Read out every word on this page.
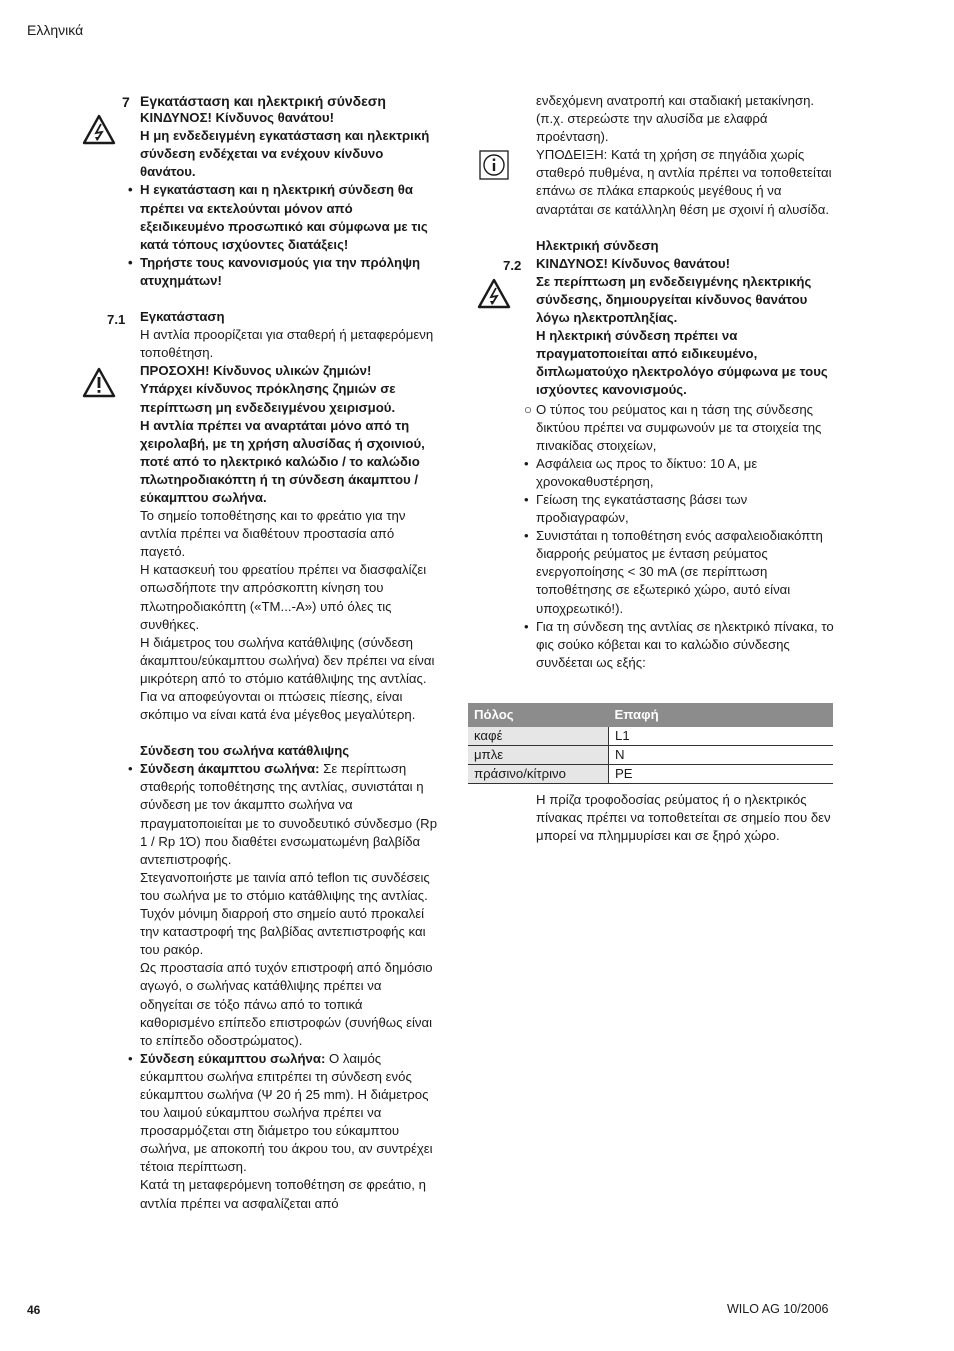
Ελληνικά
7
7.1
7.2
Εγκατάσταση και ηλεκτρική σύνδεση

ΚΙΝΔΥΝΟΣ! Κίνδυνος θανάτου!
Η μη ενδεδειγμένη εγκατάσταση και ηλεκτρική σύνδεση ενδέχεται να ενέχουν κίνδυνο θανάτου.

• Η εγκατάσταση και η ηλεκτρική σύνδεση θα πρέπει να εκτελούνται μόνον από εξειδικευμένο προσωπικό και σύμφωνα με τις κατά τόπους ισχύοντες διατάξεις!
• Τηρήστε τους κανονισμούς για την πρόληψη ατυχημάτων!
Εγκατάσταση

Η αντλία προορίζεται για σταθερή ή μεταφερόμενη τοποθέτηση.

ΠΡΟΣΟΧΗ! Κίνδυνος υλικών ζημιών!
Υπάρχει κίνδυνος πρόκλησης ζημιών σε περίπτωση μη ενδεδειγμένου χειρισμού.
Η αντλία πρέπει να αναρτάται μόνο από τη χειρολαβή, με τη χρήση αλυσίδας ή σχοινιού, ποτέ από το ηλεκτρικό καλώδιο / το καλώδιο πλωτηροδιακόπτη ή τη σύνδεση άκαμπτου / εύκαμπτου σωλήνα.

Το σημείο τοποθέτησης και το φρεάτιο για την αντλία πρέπει να διαθέτουν προστασία από παγετό.

Η κατασκευή του φρεατίου πρέπει να διασφαλίζει οπωσδήποτε την απρόσκοπτη κίνηση του πλωτηροδιακόπτη («ΤΜ...-Α») υπό όλες τις συνθήκες.

Η διάμετρος του σωλήνα κατάθλιψης (σύνδεση άκαμπτου/εύκαμπτου σωλήνα) δεν πρέπει να είναι μικρότερη από το στόμιο κατάθλιψης της αντλίας. Για να αποφεύγονται οι πτώσεις πίεσης, είναι σκόπιμο να είναι κατά ένα μέγεθος μεγαλύτερη.

Σύνδεση του σωλήνα κατάθλιψης
• Σύνδεση άκαμπτου σωλήνα: Σε περίπτωση σταθερής τοποθέτησης της αντλίας, συνιστάται η σύνδεση με τον άκαμπτο σωλήνα να πραγματοποιείται με το συνοδευτικό σύνδεσμο (Rp 1 / Rp 1Ό) που διαθέτει ενσωματωμένη βαλβίδα αντεπιστροφής.

Στεγανοποιήστε με ταινία από teflon τις συνδέσεις του σωλήνα με το στόμιο κατάθλιψης της αντλίας. Τυχόν μόνιμη διαρροή στο σημείο αυτό προκαλεί την καταστροφή της βαλβίδας αντεπιστροφής και του ρακόρ.

Ως προστασία από τυχόν επιστροφή από δημόσιο αγωγό, ο σωλήνας κατάθλιψης πρέπει να οδηγείται σε τόξο πάνω από το τοπικά καθορισμένο επίπεδο επιστροφών (συνήθως είναι το επίπεδο οδοστρώματος).

• Σύνδεση εύκαμπτου σωλήνα: Ο λαιμός εύκαμπτου σωλήνα επιτρέπει τη σύνδεση ενός εύκαμπτου σωλήνα (Ψ 20 ή 25 mm). Η διάμετρος του λαιμού εύκαμπτου σωλήνα πρέπει να προσαρμόζεται στη διάμετρο του εύκαμπτου σωλήνα, με αποκοπή του άκρου του, αν συντρέχει τέτοια περίπτωση.

Κατά τη μεταφερόμενη τοποθέτηση σε φρεάτιο, η αντλία πρέπει να ασφαλίζεται από

ενδεχόμενη ανατροπή και σταδιακή μετακίνηση. (π.χ. στερεώστε την αλυσίδα με ελαφρά προένταση).

ΥΠΟΔΕΙΞΗ: Κατά τη χρήση σε πηγάδια χωρίς σταθερό πυθμένα, η αντλία πρέπει να τοποθετείται επάνω σε πλάκα επαρκούς μεγέθους ή να αναρτάται σε κατάλληλη θέση με σχοινί ή αλυσίδα.

Ηλεκτρική σύνδεση

ΚΙΝΔΥΝΟΣ! Κίνδυνος θανάτου!
Σε περίπτωση μη ενδεδειγμένης ηλεκτρικής σύνδεσης, δημιουργείται κίνδυνος θανάτου λόγω ηλεκτροπληξίας.
Η ηλεκτρική σύνδεση πρέπει να πραγματοποιείται από ειδικευμένο, διπλωματούχο ηλεκτρολόγο σύμφωνα με τους ισχύοντες κανονισμούς.

○ Ο τύπος του ρεύματος και η τάση της σύνδεσης δικτύου πρέπει να συμφωνούν με τα στοιχεία της πινακίδας στοιχείων,
• Ασφάλεια ως προς το δίκτυο: 10 Α, με χρονοκαθυστέρηση,
• Γείωση της εγκατάστασης βάσει των προδιαγραφών,
• Συνιστάται η τοποθέτηση ενός ασφαλειοδιακόπτη διαρροής ρεύματος με ένταση ρεύματος ενεργοποίησης < 30 mA (σε περίπτωση τοποθέτησης σε εξωτερικό χώρο, αυτό είναι υποχρεωτικό!).
• Για τη σύνδεση της αντλίας σε ηλεκτρικό πίνακα, το φις σούκο κόβεται και το καλώδιο σύνδεσης συνδέεται ως εξής:
Πόλος	Επαφή
καφέ	L1
μπλε	N
πράσινο/κίτρινο	PE

Η πρίζα τροφοδοσίας ρεύματος ή ο ηλεκτρικός πίνακας πρέπει να τοποθετείται σε σημείο που δεν μπορεί να πλημμυρίσει και σε ξηρό χώρο.

46	WILO AG 10/2006
